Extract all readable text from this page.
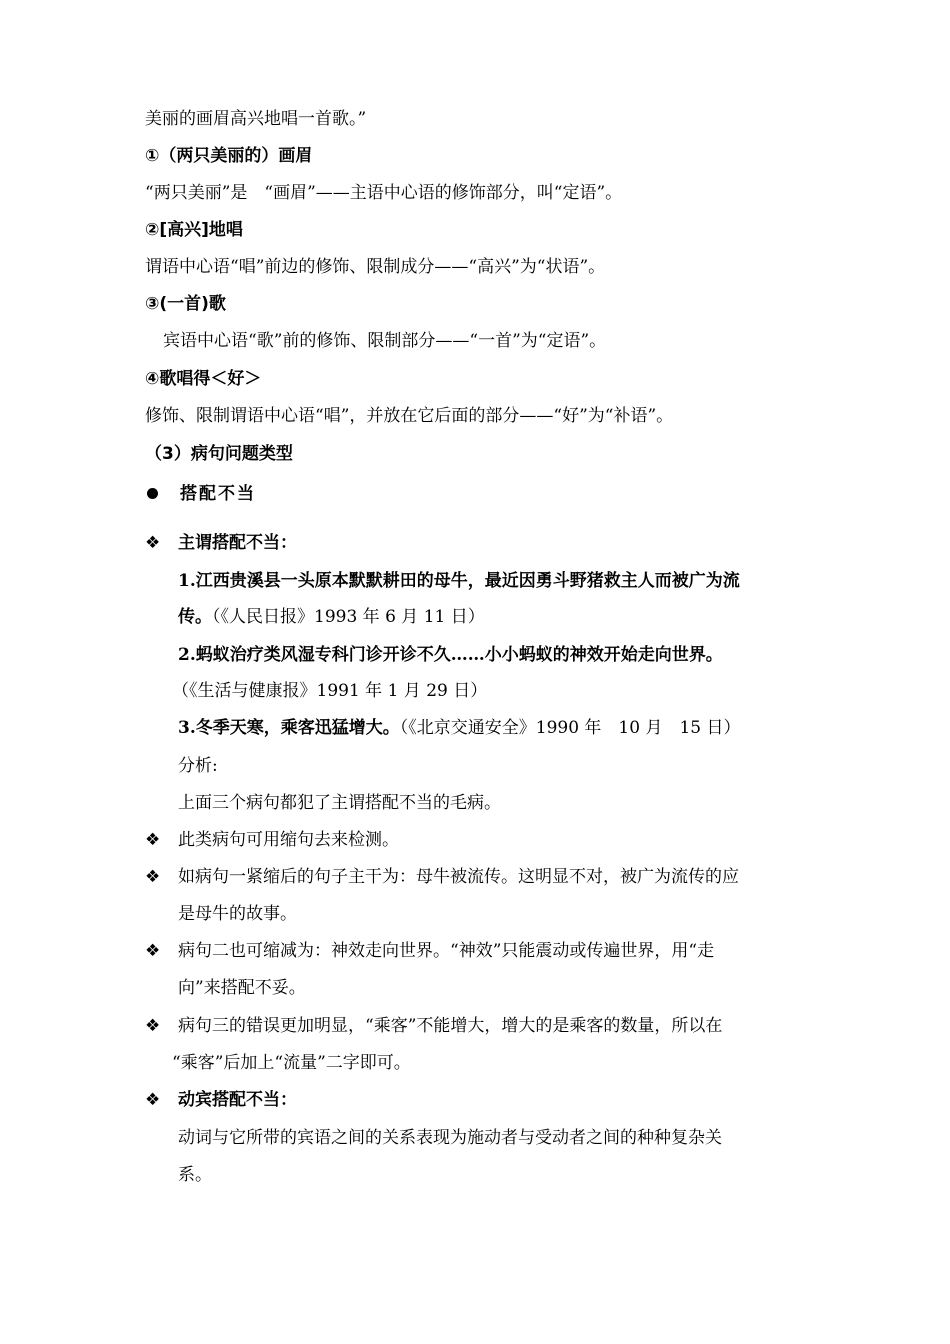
美丽的画眉高兴地唱一首歌。”
①（两只美丽的）画眉
“两只美丽”是　“画眉”——主语中心语的修饰部分，叫“定语”。
②[高兴]地唱
谓语中心语“唱”前边的修饰、限制成分——“高兴”为“状语”。
③(一首)歌
宾语中心语“歌”前的修饰、限制部分——“一首”为“定语”。
④歌唱得＜好＞
修饰、限制谓语中心语“唱”，并放在它后面的部分——“好”为“补语”。
（3）病句问题类型
搭配不当
❖ 主谓搭配不当：
1.江西贵溪县一头原本默默耕田的母牛，最近因勇斗野猪救主人而被广为流
传。（《人民日报》1993 年 6 月 11 日）
2.蚂蚁治疗类风湿专科门诊开诊不久……小小蚂蚁的神效开始走向世界。
（《生活与健康报》1991 年 1 月 29 日）
3.冬季天寒，乘客迅猛增大。（《北京交通安全》1990 年　10 月　15 日）
分析:
上面三个病句都犯了主谓搭配不当的毛病。
❖ 此类病句可用缩句去来检测。
❖ 如病句一紧缩后的句子主干为：母牛被流传。这明显不对，被广为流传的应
是母牛的故事。
❖ 病句二也可缩减为：神效走向世界。“神效”只能震动或传遍世界，用“走
向”来搭配不妥。
❖ 病句三的错误更加明显，“乘客”不能增大，增大的是乘客的数量，所以在
“乘客”后加上“流量”二字即可。
❖ 动宾搭配不当：
动词与它所带的宾语之间的关系表现为施动者与受动者之间的种种复杂关
系。
